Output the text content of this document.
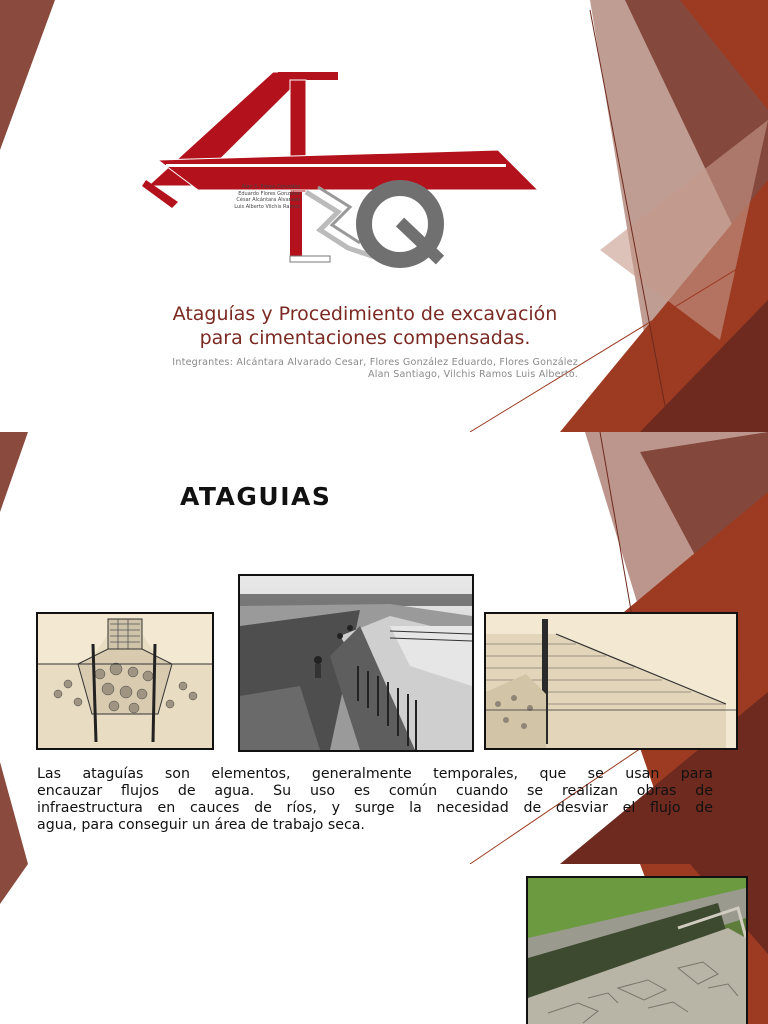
Alan S. Flores González
Eduardo Flores González
César Alcántara Alvarado
Luis Alberto Vilchis Ramos
Ataguías y Procedimiento de excavación
para cimentaciones compensadas.
Integrantes: Alcántara Alvarado Cesar, Flores González Eduardo, Flores González
Alan Santiago, Vilchis Ramos Luis Alberto.
ATAGUIAS
Las ataguías son elementos, generalmente temporales, que se usan para
encauzar flujos de agua. Su uso es común cuando se realizan obras de
infraestructura en cauces de ríos, y surge la necesidad de desviar el flujo de
agua, para conseguir un área de trabajo seca.
